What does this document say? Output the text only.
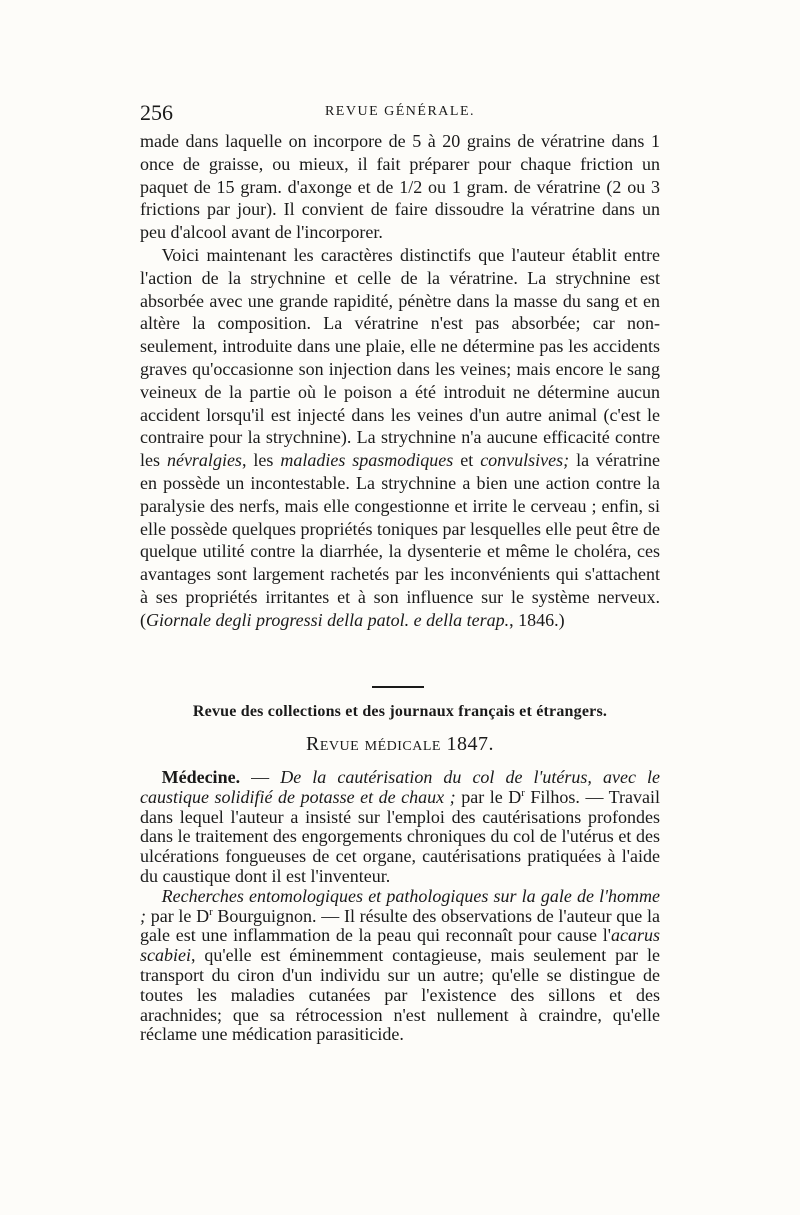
256	REVUE GÉNÉRALE.

made dans laquelle on incorpore de 5 à 20 grains de vératrine dans 1 once de graisse, ou mieux, il fait préparer pour chaque friction un paquet de 15 gram. d'axonge et de 1/2 ou 1 gram. de vératrine (2 ou 3 frictions par jour). Il convient de faire dissoudre la vératrine dans un peu d'alcool avant de l'incorporer.

Voici maintenant les caractères distinctifs que l'auteur établit entre l'action de la strychnine et celle de la vératrine. La strychnine est absorbée avec une grande rapidité, pénètre dans la masse du sang et en altère la composition. La vératrine n'est pas absorbée; car non-seulement, introduite dans une plaie, elle ne détermine pas les accidents graves qu'occasionne son injection dans les veines; mais encore le sang veineux de la partie où le poison a été introduit ne détermine aucun accident lorsqu'il est injecté dans les veines d'un autre animal (c'est le contraire pour la strychnine). La strychnine n'a aucune efficacité contre les névralgies, les maladies spasmodiques et convulsives; la vératrine en possède un incontestable. La strychnine a bien une action contre la paralysie des nerfs, mais elle congestionne et irrite le cerveau ; enfin, si elle possède quelques propriétés toniques par lesquelles elle peut être de quelque utilité contre la diarrhée, la dysenterie et même le choléra, ces avantages sont largement rachetés par les inconvénients qui s'attachent à ses propriétés irritantes et à son influence sur le système nerveux. (Giornale degli progressi della patol. e della terap., 1846.)

Revue des collections et des journaux français et étrangers.
Revue médicale 1847.

Médecine. — De la cautérisation du col de l'utérus, avec le caustique solidifié de potasse et de chaux ; par le $D^r$ Filhos. — Travail dans lequel l'auteur a insisté sur l'emploi des cautérisations profondes dans le traitement des engorgements chroniques du col de l'utérus et des ulcérations fongueuses de cet organe, cautérisations pratiquées à l'aide du caustique dont il est l'inventeur.

Recherches entomologiques et pathologiques sur la gale de l'homme ; par le $D^r$ Bourguignon. — Il résulte des observations de l'auteur que la gale est une inflammation de la peau qui reconnaît pour cause l'acarus scabiei, qu'elle est éminemment contagieuse, mais seulement par le transport du ciron d'un individu sur un autre; qu'elle se distingue de toutes les maladies cutanées par l'existence des sillons et des arachnides; que sa rétrocession n'est nullement à craindre, qu'elle réclame une médication parasiticide.
